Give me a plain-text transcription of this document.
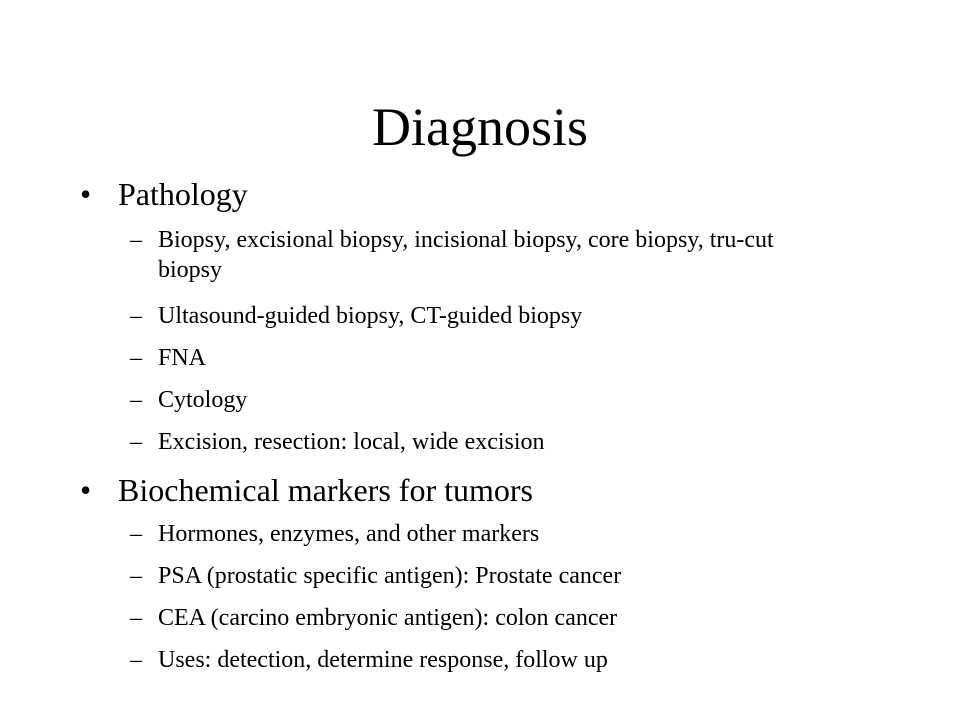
Diagnosis
• Pathology
– Biopsy, excisional biopsy, incisional biopsy, core biopsy, tru-cut biopsy
– Ultasound-guided biopsy, CT-guided biopsy
– FNA
– Cytology
– Excision, resection: local, wide excision
• Biochemical markers for tumors
– Hormones, enzymes, and other markers
– PSA (prostatic specific antigen): Prostate cancer
– CEA (carcino embryonic antigen): colon cancer
– Uses: detection, determine response, follow up
